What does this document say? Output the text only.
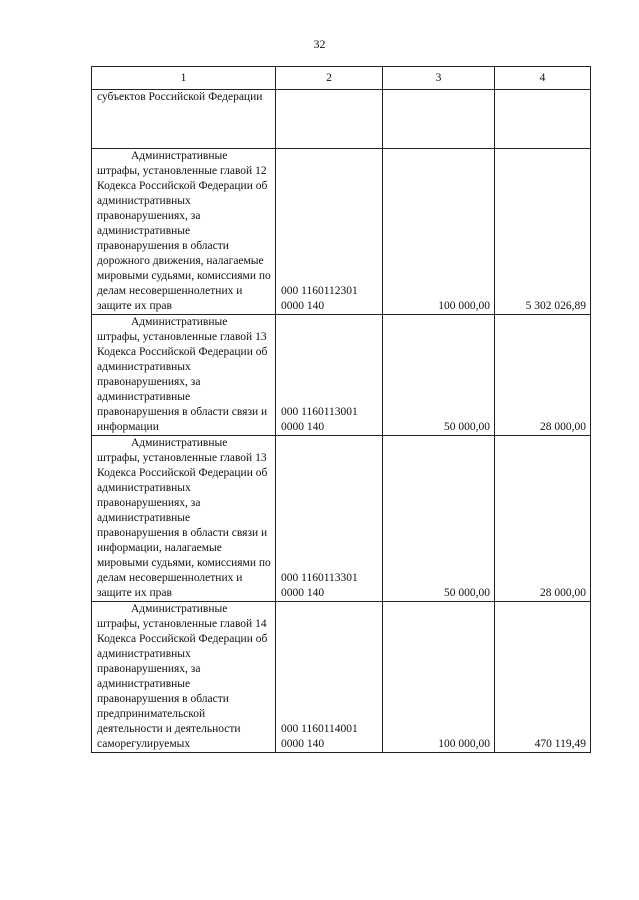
32
1	2	3	4
субъектов Российской Федерации			

Административные
штрафы, установленные главой 12 Кодекса Российской Федерации об административных правонарушениях, за административные правонарушения в области дорожного движения, налагаемые мировыми судьями, комиссиями по делам несовершеннолетних и защите их прав	000 1160112301 0000 140	100 000,00	5 302 026,89

Административные
штрафы, установленные главой 13 Кодекса Российской Федерации об административных правонарушениях, за административные правонарушения в области связи и информации	000 1160113001 0000 140	50 000,00	28 000,00

Административные
штрафы, установленные главой 13 Кодекса Российской Федерации об административных правонарушениях, за административные правонарушения в области связи и информации, налагаемые мировыми судьями, комиссиями по делам несовершеннолетних и защите их прав	000 1160113301 0000 140	50 000,00	28 000,00

Административные
штрафы, установленные главой 14 Кодекса Российской Федерации об административных правонарушениях, за административные правонарушения в области предпринимательской деятельности и деятельности саморегулируемых	000 1160114001 0000 140	100 000,00	470 119,49
